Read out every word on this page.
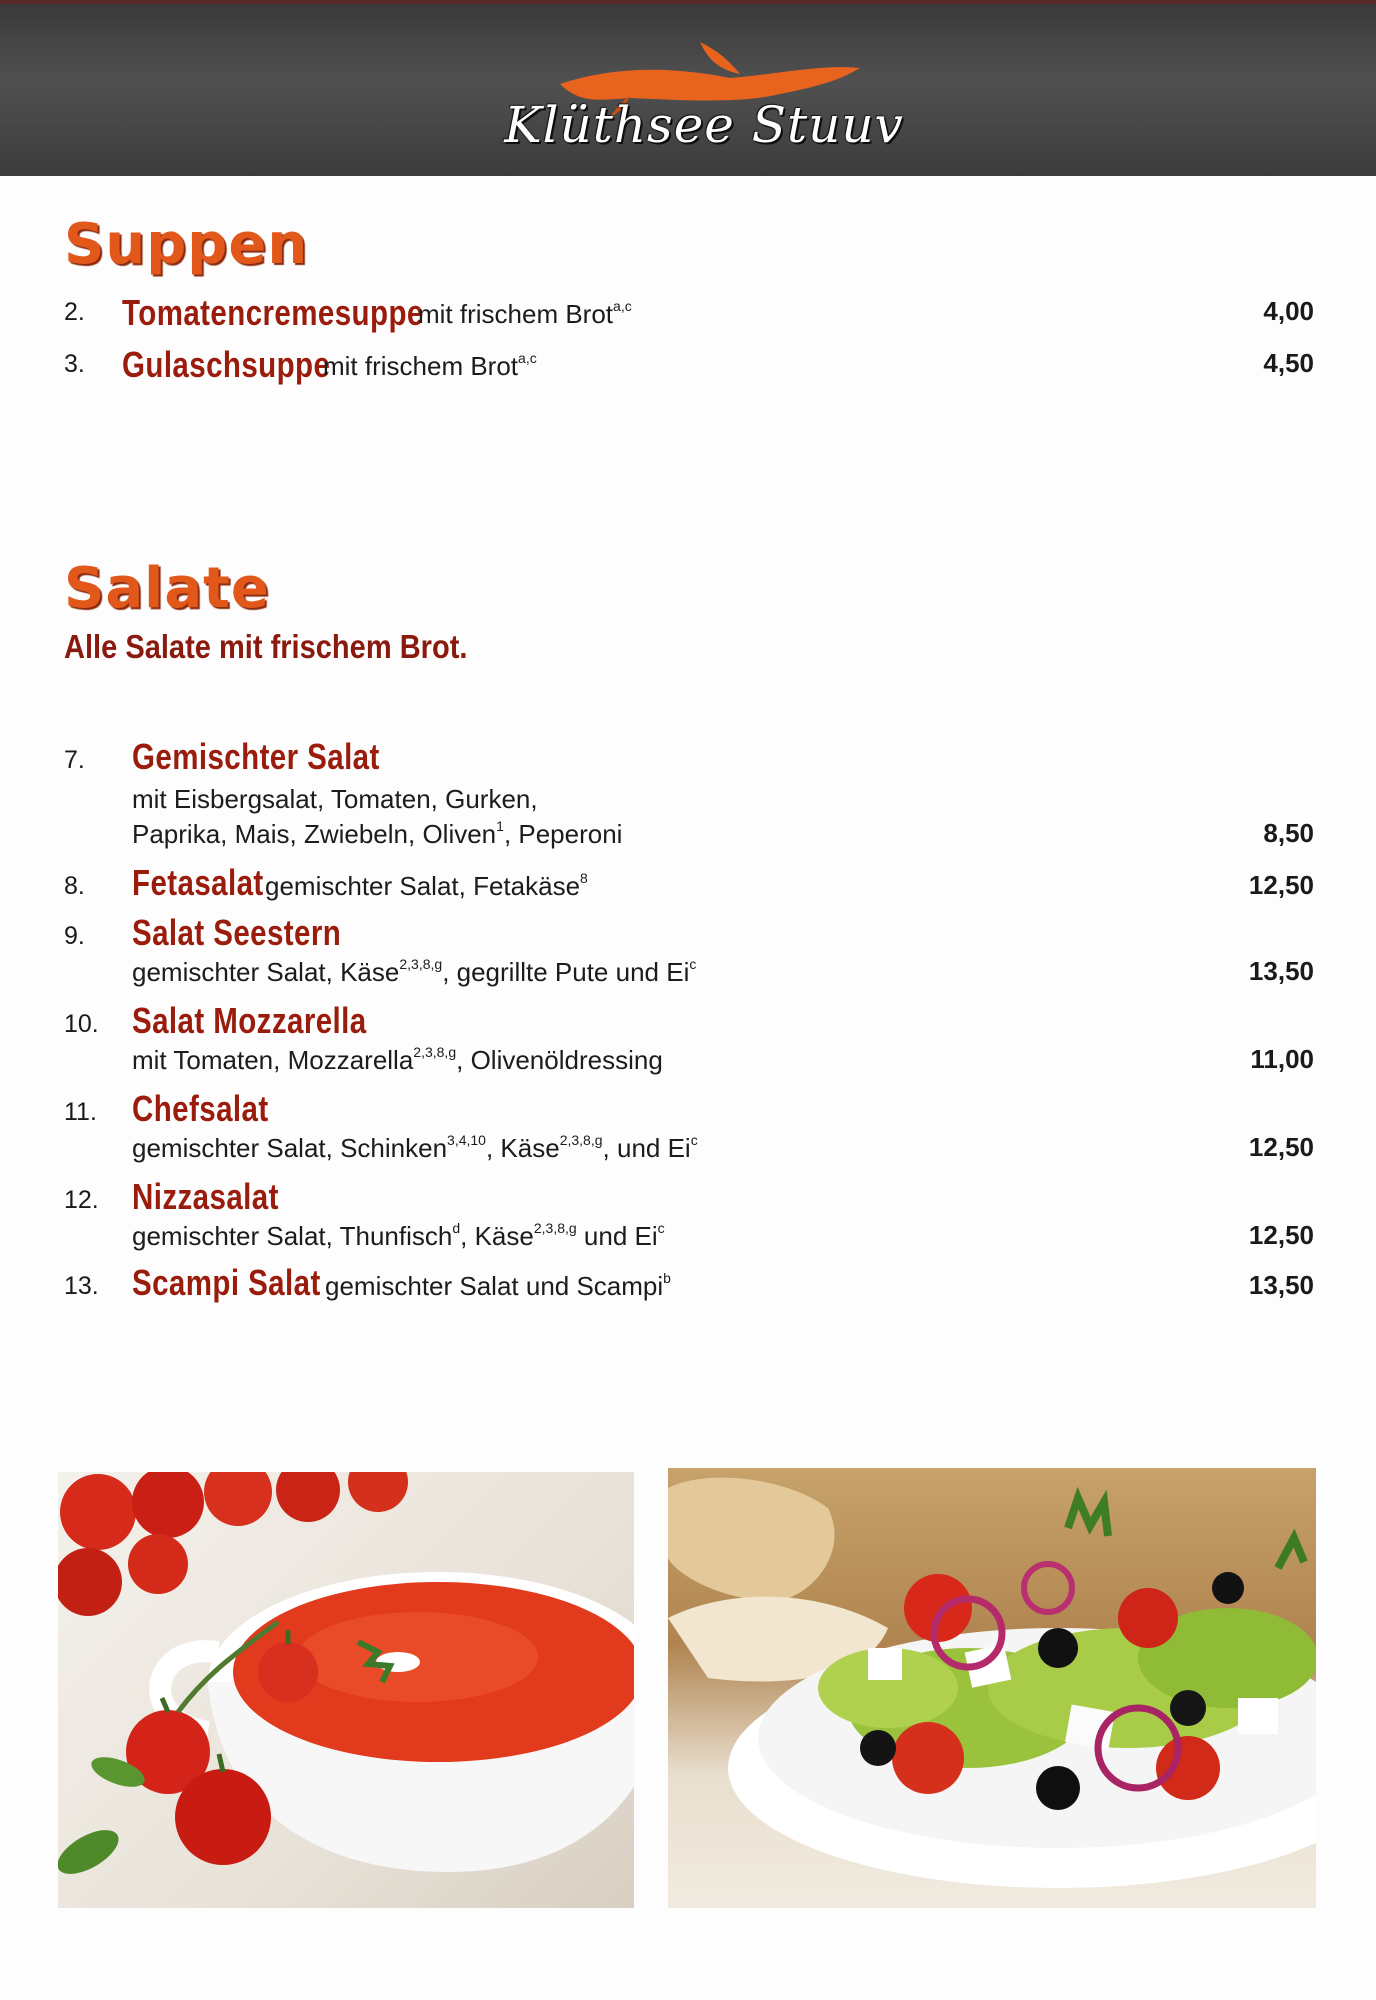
Klüthsee Stuuv
Suppen
2. Tomatencremesuppe
mit frischem Brot$^{a,c}$	4,00
3. Gulaschsuppe
mit frischem Brot$^{a,c}$	4,50
Salate
Alle Salate mit frischem Brot.
7. Gemischter Salat
mit Eisbergsalat, Tomaten, Gurken,
Paprika, Mais, Zwiebeln, Oliven$^1$, Peperoni	8,50
8. Fetasalat gemischter Salat, Fetakäse$^8$	12,50
9. Salat Seestern
gemischter Salat, Käse$^{2,3,8,g}$, gegrillte Pute und Ei$^c$	13,50
10. Salat Mozzarella
mit Tomaten, Mozzarella$^{2,3,8,g}$, Olivenöldressing	11,00
11. Chefsalat
gemischter Salat, Schinken$^{3,4,10}$, Käse$^{2,3,8,g}$, und Ei$^c$	12,50
12. Nizzasalat
gemischter Salat, Thunfisch$^d$, Käse$^{2,3,8,g}$ und Ei$^c$	12,50
13. Scampi Salat gemischter Salat und Scampi$^b$	13,50
